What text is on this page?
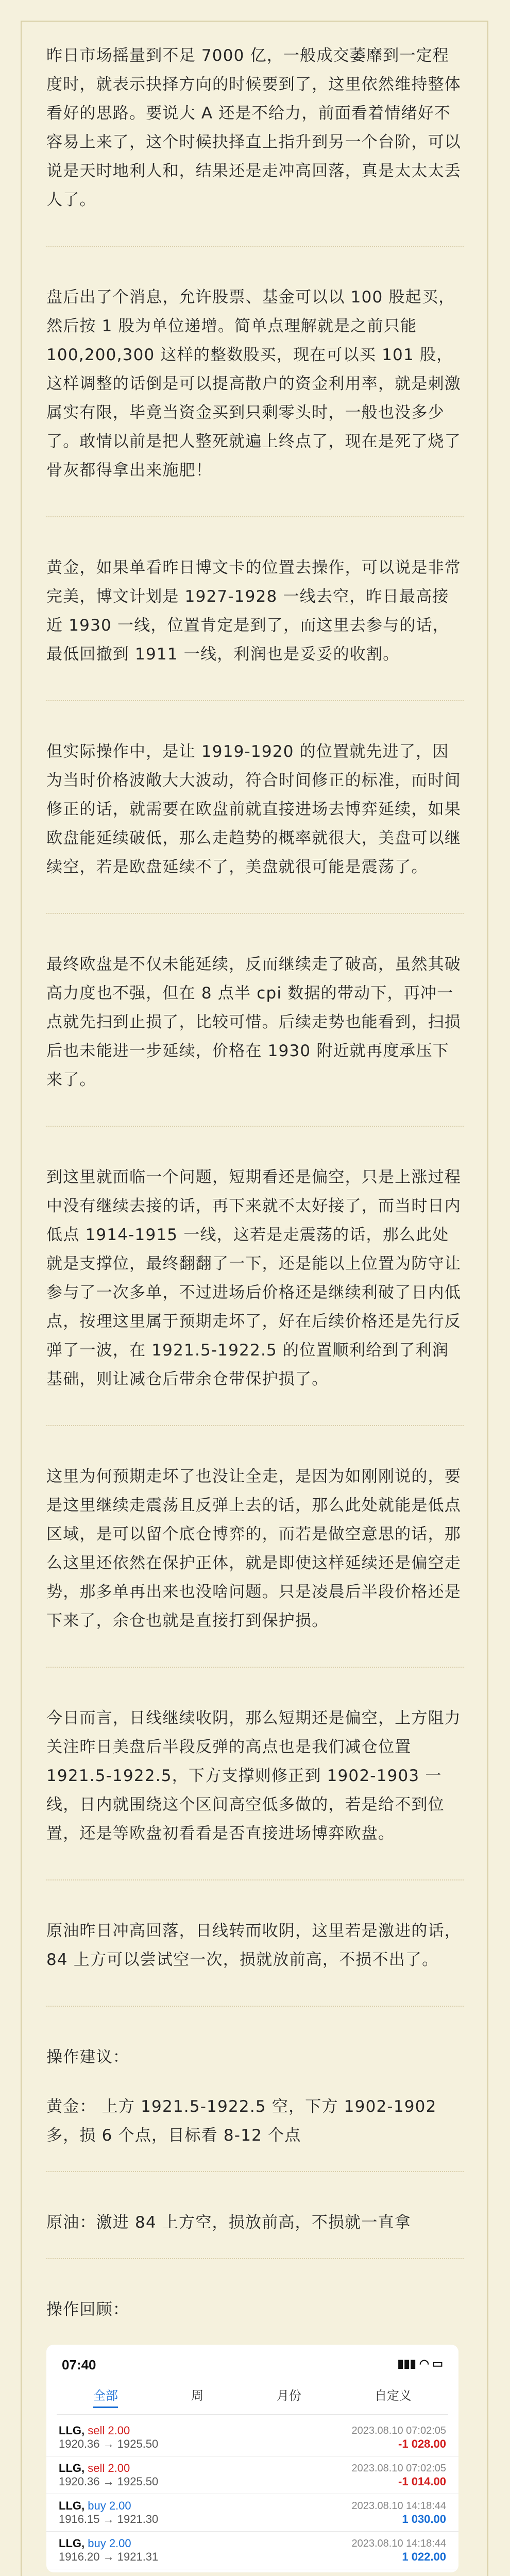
昨日市场摇量到不足 7000 亿，一般成交萎靡到一定程度时，就表示抉择方向的时候要到了，这里依然维持整体看好的思路。要说大 A 还是不给力，前面看着情绪好不容易上来了，这个时候抉择直上指升到另一个台阶，可以说是天时地利人和，结果还是走冲高回落，真是太太太丢人了。

盘后出了个消息，允许股票、基金可以以 100 股起买，然后按 1 股为单位递增。简单点理解就是之前只能 100,200,300 这样的整数股买，现在可以买 101 股，这样调整的话倒是可以提高散户的资金利用率，就是刺激属实有限，毕竟当资金买到只剩零头时，一般也没多少了。敢情以前是把人整死就遍上终点了，现在是死了烧了骨灰都得拿出来施肥！

黄金，如果单看昨日博文卡的位置去操作，可以说是非常完美，博文计划是 1927-1928 一线去空，昨日最高接近 1930 一线，位置肯定是到了，而这里去参与的话，最低回撤到 1911 一线，利润也是妥妥的收割。

但实际操作中，是让 1919-1920 的位置就先进了，因为当时价格波敞大大波动，符合时间修正的标准，而时间修正的话，就需要在欧盘前就直接进场去博弈延续，如果欧盘能延续破低，那么走趋势的概率就很大，美盘可以继续空，若是欧盘延续不了，美盘就很可能是震荡了。

最终欧盘是不仅未能延续，反而继续走了破高，虽然其破高力度也不强，但在 8 点半 cpi 数据的带动下，再冲一点就先扫到止损了，比较可惜。后续走势也能看到，扫损后也未能进一步延续，价格在 1930 附近就再度承压下来了。

到这里就面临一个问题，短期看还是偏空，只是上涨过程中没有继续去接的话，再下来就不太好接了，而当时日内低点 1914-1915 一线，这若是走震荡的话，那么此处就是支撑位，最终翻翻了一下，还是能以上位置为防守让参与了一次多单，不过进场后价格还是继续利破了日内低点，按理这里属于预期走坏了，好在后续价格还是先行反弹了一波，在 1921.5-1922.5 的位置顺利给到了利润基础，则让减仓后带余仓带保护损了。

这里为何预期走坏了也没让全走，是因为如刚刚说的，要是这里继续走震荡且反弹上去的话，那么此处就能是低点区域，是可以留个底仓博弈的，而若是做空意思的话，那么这里还依然在保护正体，就是即使这样延续还是偏空走势，那多单再出来也没啥问题。只是凌晨后半段价格还是下来了，余仓也就是直接打到保护损。

今日而言，日线继续收阴，那么短期还是偏空，上方阻力关注昨日美盘后半段反弹的高点也是我们减仓位置 1921.5-1922.5，下方支撑则修正到 1902-1903 一线，日内就围绕这个区间高空低多做的，若是给不到位置，还是等欧盘初看看是否直接进场博弈欧盘。

原油昨日冲高回落，日线转而收阴，这里若是激进的话，84 上方可以尝试空一次，损就放前高，不损不出了。

操作建议：

黄金： 上方 1921.5-1922.5 空，下方 1902-1902 多，损 6 个点，目标看 8-12 个点

原油：激进 84 上方空，损放前高，不损就一直拿

操作回顾：

07:40	▮▮▮ ◠ ▭
全部	周	月份	自定义
LLG, sell 2.00	2023.08.10 07:02:05
1920.36 → 1925.50	-1 028.00
LLG, sell 2.00	2023.08.10 07:02:05
1920.36 → 1925.50	-1 014.00
LLG, buy 2.00	2023.08.10 14:18:44
1916.15 → 1921.30	1 030.00
LLG, buy 2.00	2023.08.10 14:18:44
1916.20 → 1921.31	1 022.00
